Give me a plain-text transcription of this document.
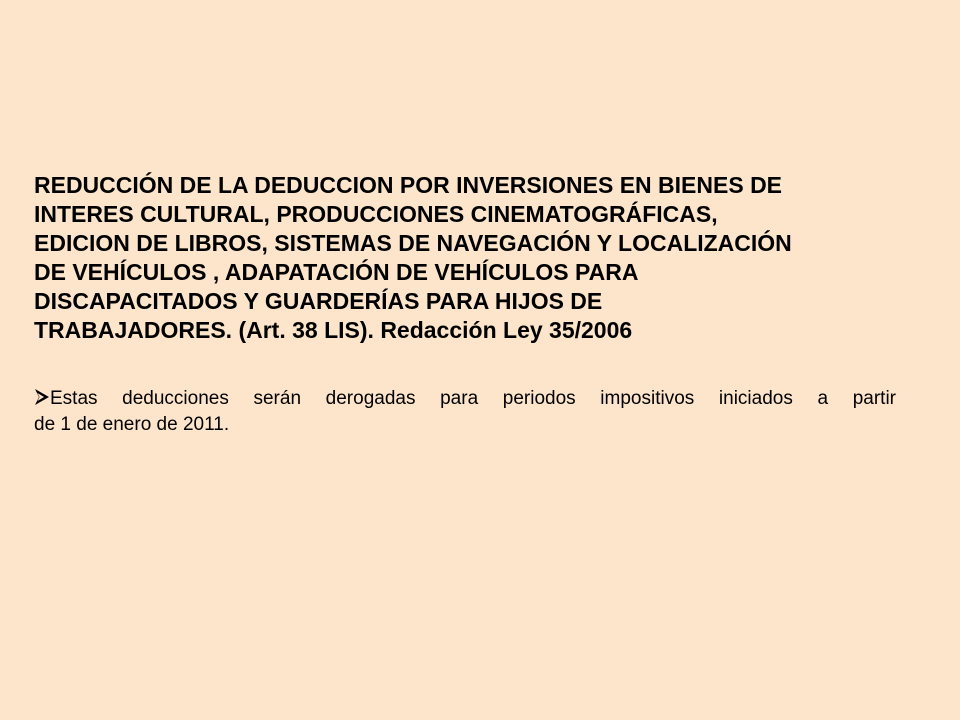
REDUCCIÓN DE LA DEDUCCION POR INVERSIONES EN BIENES DE
INTERES CULTURAL, PRODUCCIONES CINEMATOGRÁFICAS,
EDICION DE LIBROS, SISTEMAS DE NAVEGACIÓN Y LOCALIZACIÓN
DE VEHÍCULOS , ADAPATACIÓN DE VEHÍCULOS PARA
DISCAPACITADOS Y GUARDERÍAS PARA HIJOS DE
TRABAJADORES. (Art. 38 LIS). Redacción Ley 35/2006
Estas deducciones serán derogadas para periodos impositivos iniciados a partir
de 1 de enero de 2011.
